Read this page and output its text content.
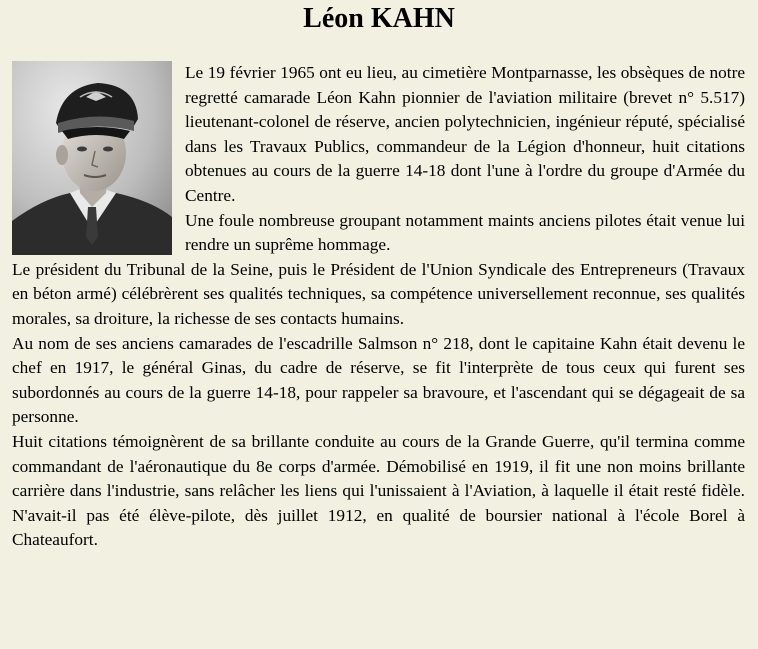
Léon KAHN

Le 19 février 1965 ont eu lieu, au cimetière Montparnasse, les obsèques de notre regretté camarade Léon Kahn pionnier de l'aviation militaire (brevet n° 5.517) lieutenant-colonel de réserve, ancien polytechnicien, ingénieur réputé, spécialisé dans les Travaux Publics, commandeur de la Légion d'honneur, huit citations obtenues au cours de la guerre 14-18 dont l'une à l'ordre du groupe d'Armée du Centre.

Une foule nombreuse groupant notamment maints anciens pilotes était venue lui rendre un suprême hommage.

Le président du Tribunal de la Seine, puis le Président de l'Union Syndicale des Entrepreneurs (Travaux en béton armé) célébrèrent ses qualités techniques, sa compétence universellement reconnue, ses qualités morales, sa droiture, la richesse de ses contacts humains.

Au nom de ses anciens camarades de l'escadrille Salmson n° 218, dont le capitaine Kahn était devenu le chef en 1917, le général Ginas, du cadre de réserve, se fit l'interprète de tous ceux qui furent ses subordonnés au cours de la guerre 14-18, pour rappeler sa bravoure, et l'ascendant qui se dégageait de sa personne.

Huit citations témoignèrent de sa brillante conduite au cours de la Grande Guerre, qu'il termina comme commandant de l'aéronautique du 8e corps d'armée. Démobilisé en 1919, il fit une non moins brillante carrière dans l'industrie, sans relâcher les liens qui l'unissaient à l'Aviation, à laquelle il était resté fidèle. N'avait-il pas été élève-pilote, dès juillet 1912, en qualité de boursier national à l'école Borel à Chateaufort.
